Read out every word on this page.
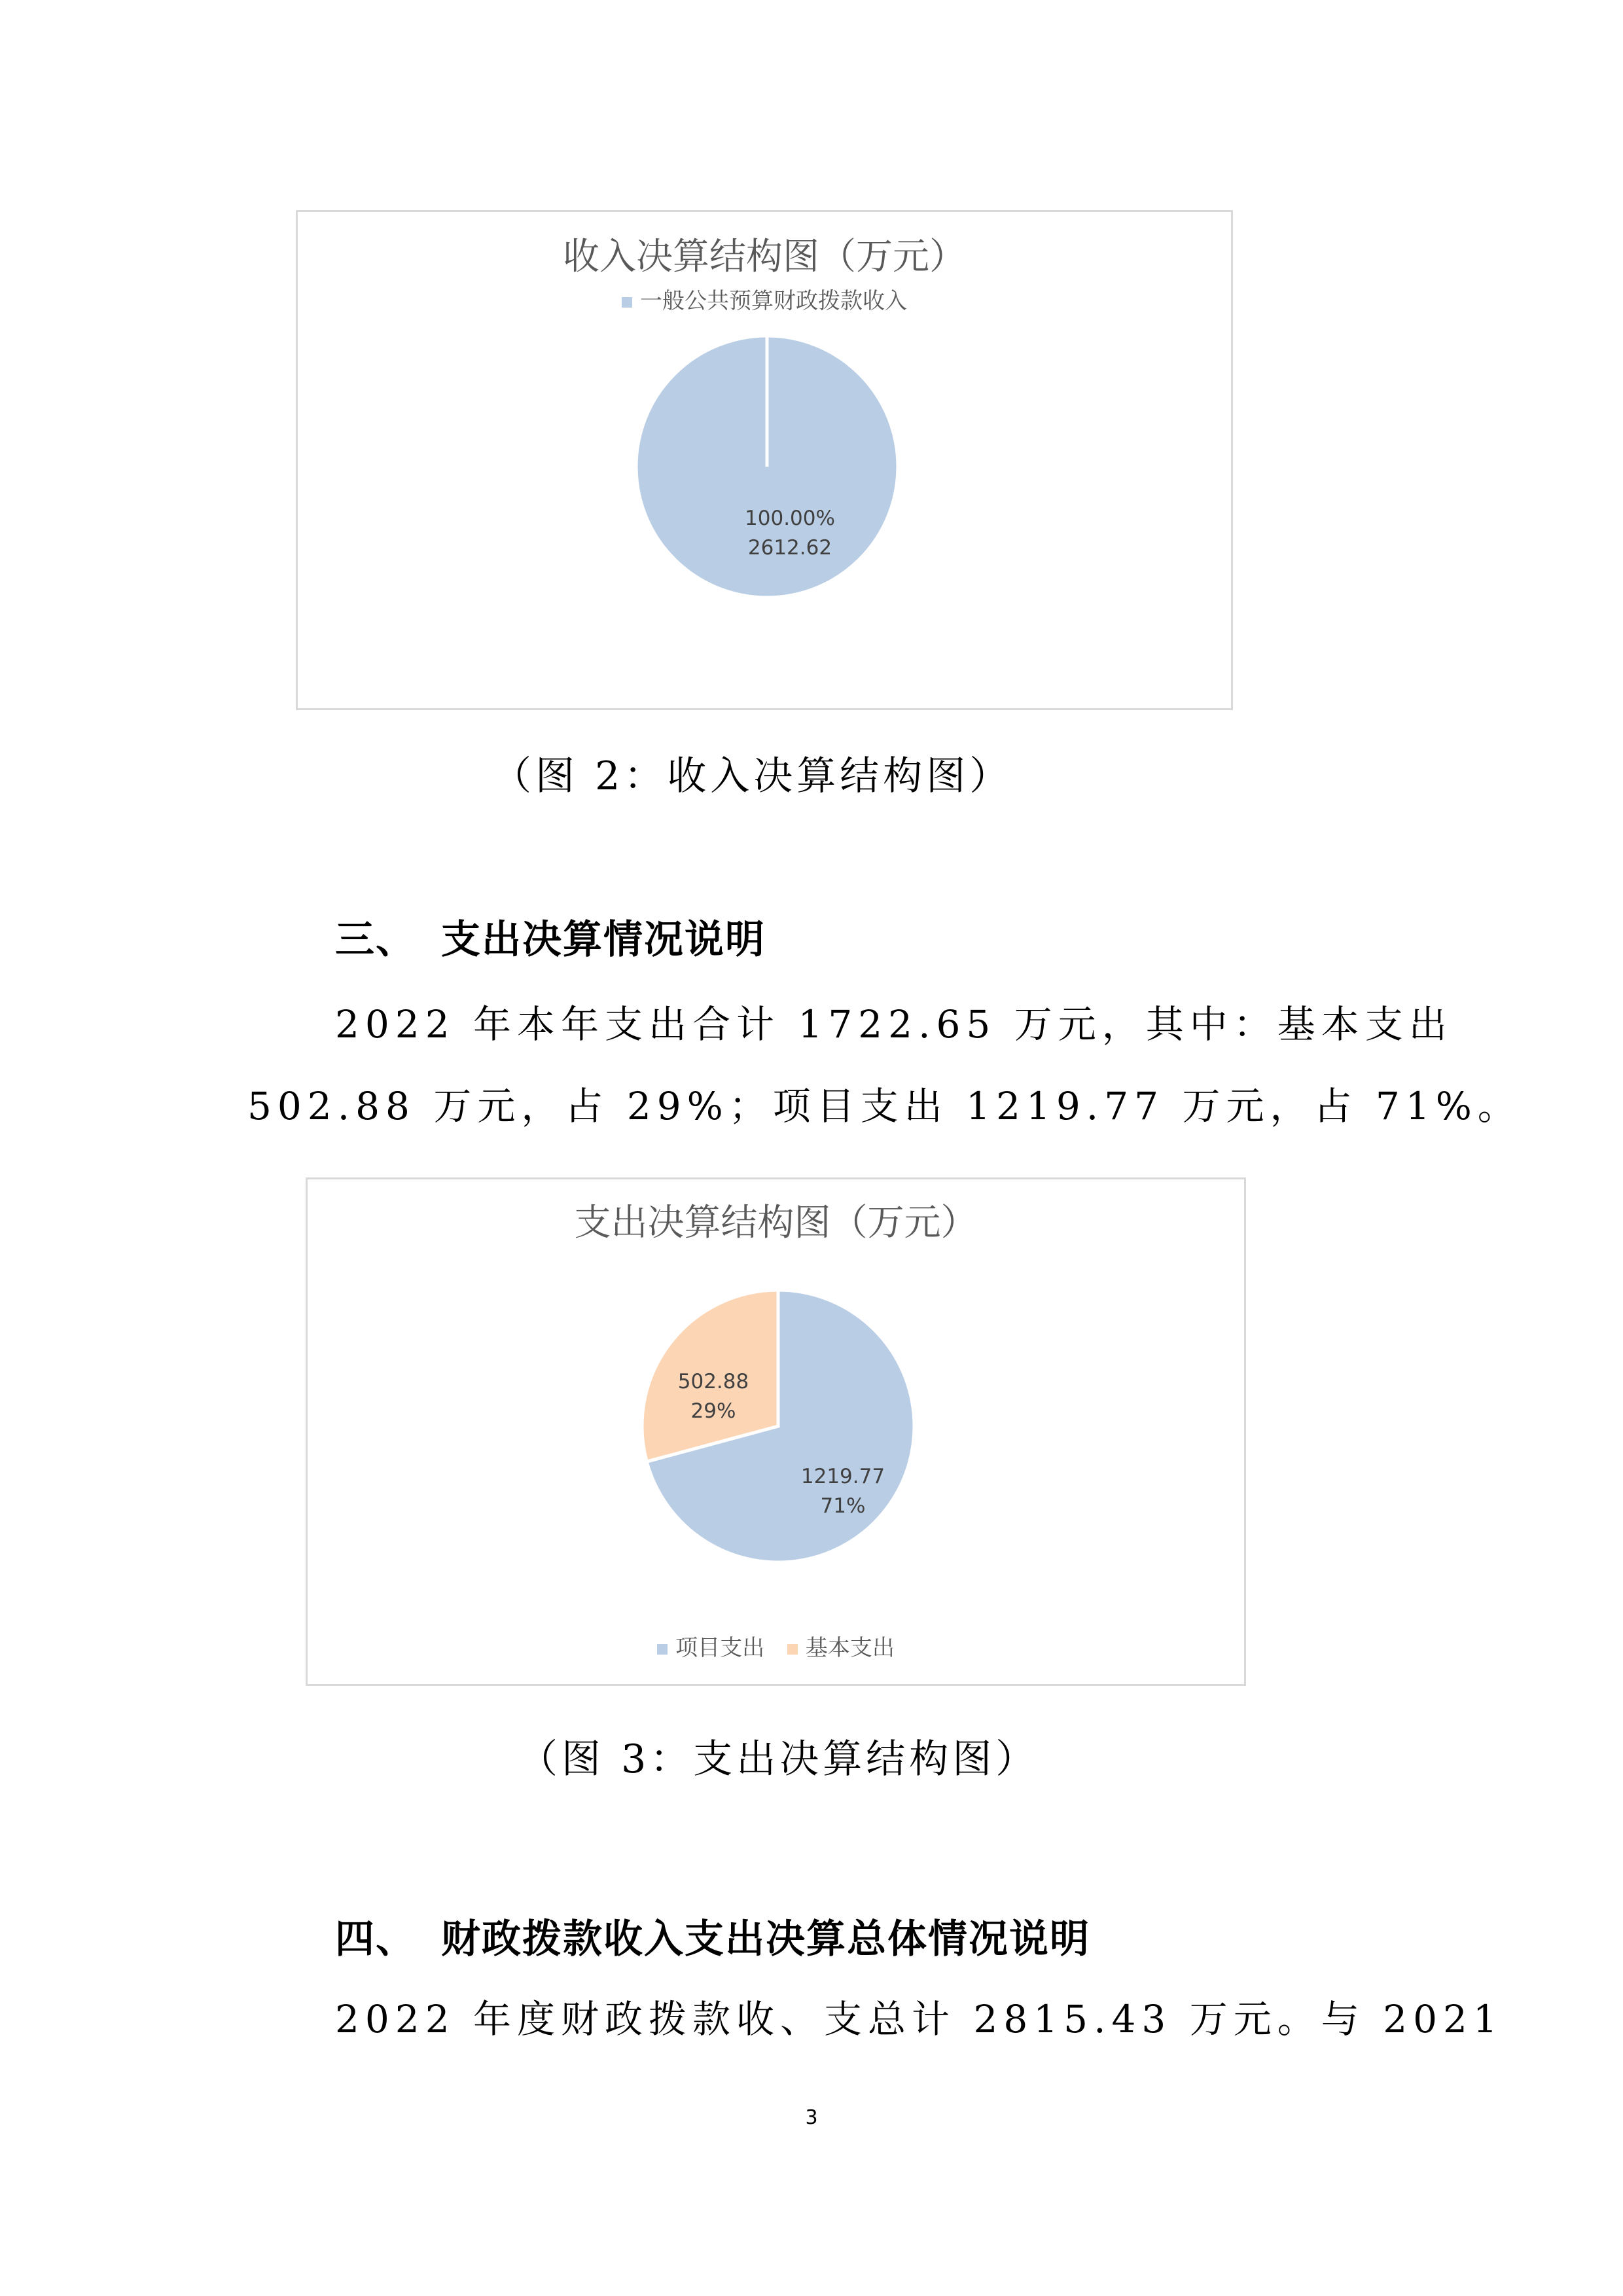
收入决算结构图（万元）
一般公共预算财政拨款收入
100.00%
2612.62
（图 2：收入决算结构图）
三、 支出决算情况说明
2022 年本年支出合计 1722.65 万元，其中：基本支出
502.88 万元，占 29%；项目支出 1219.77 万元，占 71%。
支出决算结构图（万元）
1219.77
71%
502.88
29%
项目支出 基本支出
（图 3：支出决算结构图）
四、 财政拨款收入支出决算总体情况说明
2022 年度财政拨款收、支总计 2815.43 万元。与 2021
3
